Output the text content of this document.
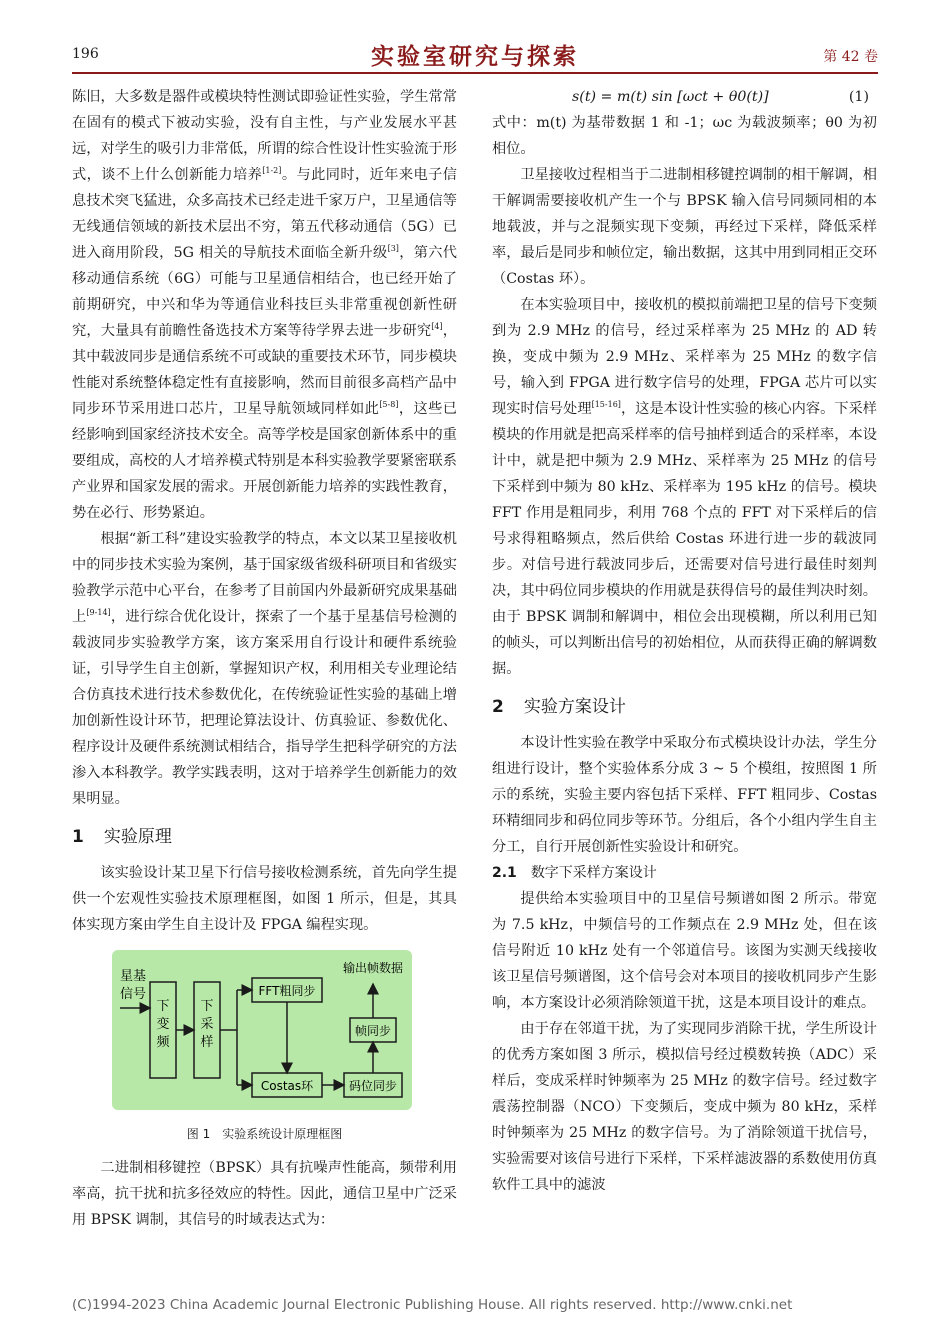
196	实验室研究与探索	第 42 卷

陈旧，大多数是器件或模块特性测试即验证性实验，学生常常在固有的模式下被动实验，没有自主性，与产业发展水平甚远，对学生的吸引力非常低，所谓的综合性设计性实验流于形式，谈不上什么创新能力培养[1-2]。与此同时，近年来电子信息技术突飞猛进，众多高技术已经走进千家万户，卫星通信等无线通信领域的新技术层出不穷，第五代移动通信（5G）已进入商用阶段，5G 相关的导航技术面临全新升级[3]，第六代移动通信系统（6G）可能与卫星通信相结合，也已经开始了前期研究，中兴和华为等通信业科技巨头非常重视创新性研究，大量具有前瞻性备选技术方案等待学界去进一步研究[4]，其中载波同步是通信系统不可或缺的重要技术环节，同步模块性能对系统整体稳定性有直接影响，然而目前很多高档产品中同步环节采用进口芯片，卫星导航领域同样如此[5-8]，这些已经影响到国家经济技术安全。高等学校是国家创新体系中的重要组成，高校的人才培养模式特别是本科实验教学要紧密联系产业界和国家发展的需求。开展创新能力培养的实践性教育，势在必行、形势紧迫。

根据“新工科”建设实验教学的特点，本文以某卫星接收机中的同步技术实验为案例，基于国家级省级科研项目和省级实验教学示范中心平台，在参考了目前国内外最新研究成果基础上[9-14]，进行综合优化设计，探索了一个基于星基信号检测的载波同步实验教学方案，该方案采用自行设计和硬件系统验证，引导学生自主创新，掌握知识产权，利用相关专业理论结合仿真技术进行技术参数优化，在传统验证性实验的基础上增加创新性设计环节，把理论算法设计、仿真验证、参数优化、程序设计及硬件系统测试相结合，指导学生把科学研究的方法渗入本科教学。教学实践表明，这对于培养学生创新能力的效果明显。

1 实验原理

该实验设计某卫星下行信号接收检测系统，首先向学生提供一个宏观性实验技术原理框图，如图 1 所示，但是，其具体实现方案由学生自主设计及 FPGA 编程实现。

星基
信号
下
变
频
下
采
样
FFT粗同步
Costas环	码位同步
帧同步
输出帧数据

图 1　实验系统设计原理框图

二进制相移键控（BPSK）具有抗噪声性能高，频带利用率高，抗干扰和抗多径效应的特性。因此，通信卫星中广泛采用 BPSK 调制，其信号的时域表达式为：

s(t) = m(t) sin [ωct + θ0(t)]	(1)

式中：m(t) 为基带数据 1 和 -1；ωc 为载波频率；θ0 为初相位。

卫星接收过程相当于二进制相移键控调制的相干解调，相干解调需要接收机产生一个与 BPSK 输入信号同频同相的本地载波，并与之混频实现下变频，再经过下采样，降低采样率，最后是同步和帧位定，输出数据，这其中用到同相正交环（Costas 环）。

在本实验项目中，接收机的模拟前端把卫星的信号下变频到为 2.9 MHz 的信号，经过采样率为 25 MHz 的 AD 转换，变成中频为 2.9 MHz、采样率为 25 MHz 的数字信号，输入到 FPGA 进行数字信号的处理，FPGA 芯片可以实现实时信号处理[15-16]，这是本设计性实验的核心内容。下采样模块的作用就是把高采样率的信号抽样到适合的采样率，本设计中，就是把中频为 2.9 MHz、采样率为 25 MHz 的信号下采样到中频为 80 kHz、采样率为 195 kHz 的信号。模块 FFT 作用是粗同步，利用 768 个点的 FFT 对下采样后的信号求得粗略频点，然后供给 Costas 环进行进一步的载波同步。对信号进行载波同步后，还需要对信号进行最佳时刻判决，其中码位同步模块的作用就是获得信号的最佳判决时刻。由于 BPSK 调制和解调中，相位会出现模糊，所以利用已知的帧头，可以判断出信号的初始相位，从而获得正确的解调数据。

2 实验方案设计

本设计性实验在教学中采取分布式模块设计办法，学生分组进行设计，整个实验体系分成 3 ~ 5 个模组，按照图 1 所示的系统，实验主要内容包括下采样、FFT 粗同步、Costas 环精细同步和码位同步等环节。分组后，各个小组内学生自主分工，自行开展创新性实验设计和研究。

2.1 数字下采样方案设计

提供给本实验项目中的卫星信号频谱如图 2 所示。带宽为 7.5 kHz，中频信号的工作频点在 2.9 MHz 处，但在该信号附近 10 kHz 处有一个邻道信号。该图为实测天线接收该卫星信号频谱图，这个信号会对本项目的接收机同步产生影响，本方案设计必须消除领道干扰，这是本项目设计的难点。

由于存在邻道干扰，为了实现同步消除干扰，学生所设计的优秀方案如图 3 所示，模拟信号经过模数转换（ADC）采样后，变成采样时钟频率为 25 MHz 的数字信号。经过数字震荡控制器（NCO）下变频后，变成中频为 80 kHz，采样时钟频率为 25 MHz 的数字信号。为了消除领道干扰信号，实验需要对该信号进行下采样，下采样滤波器的系数使用仿真软件工具中的滤波

(C)1994-2023 China Academic Journal Electronic Publishing House. All rights reserved. http://www.cnki.net
